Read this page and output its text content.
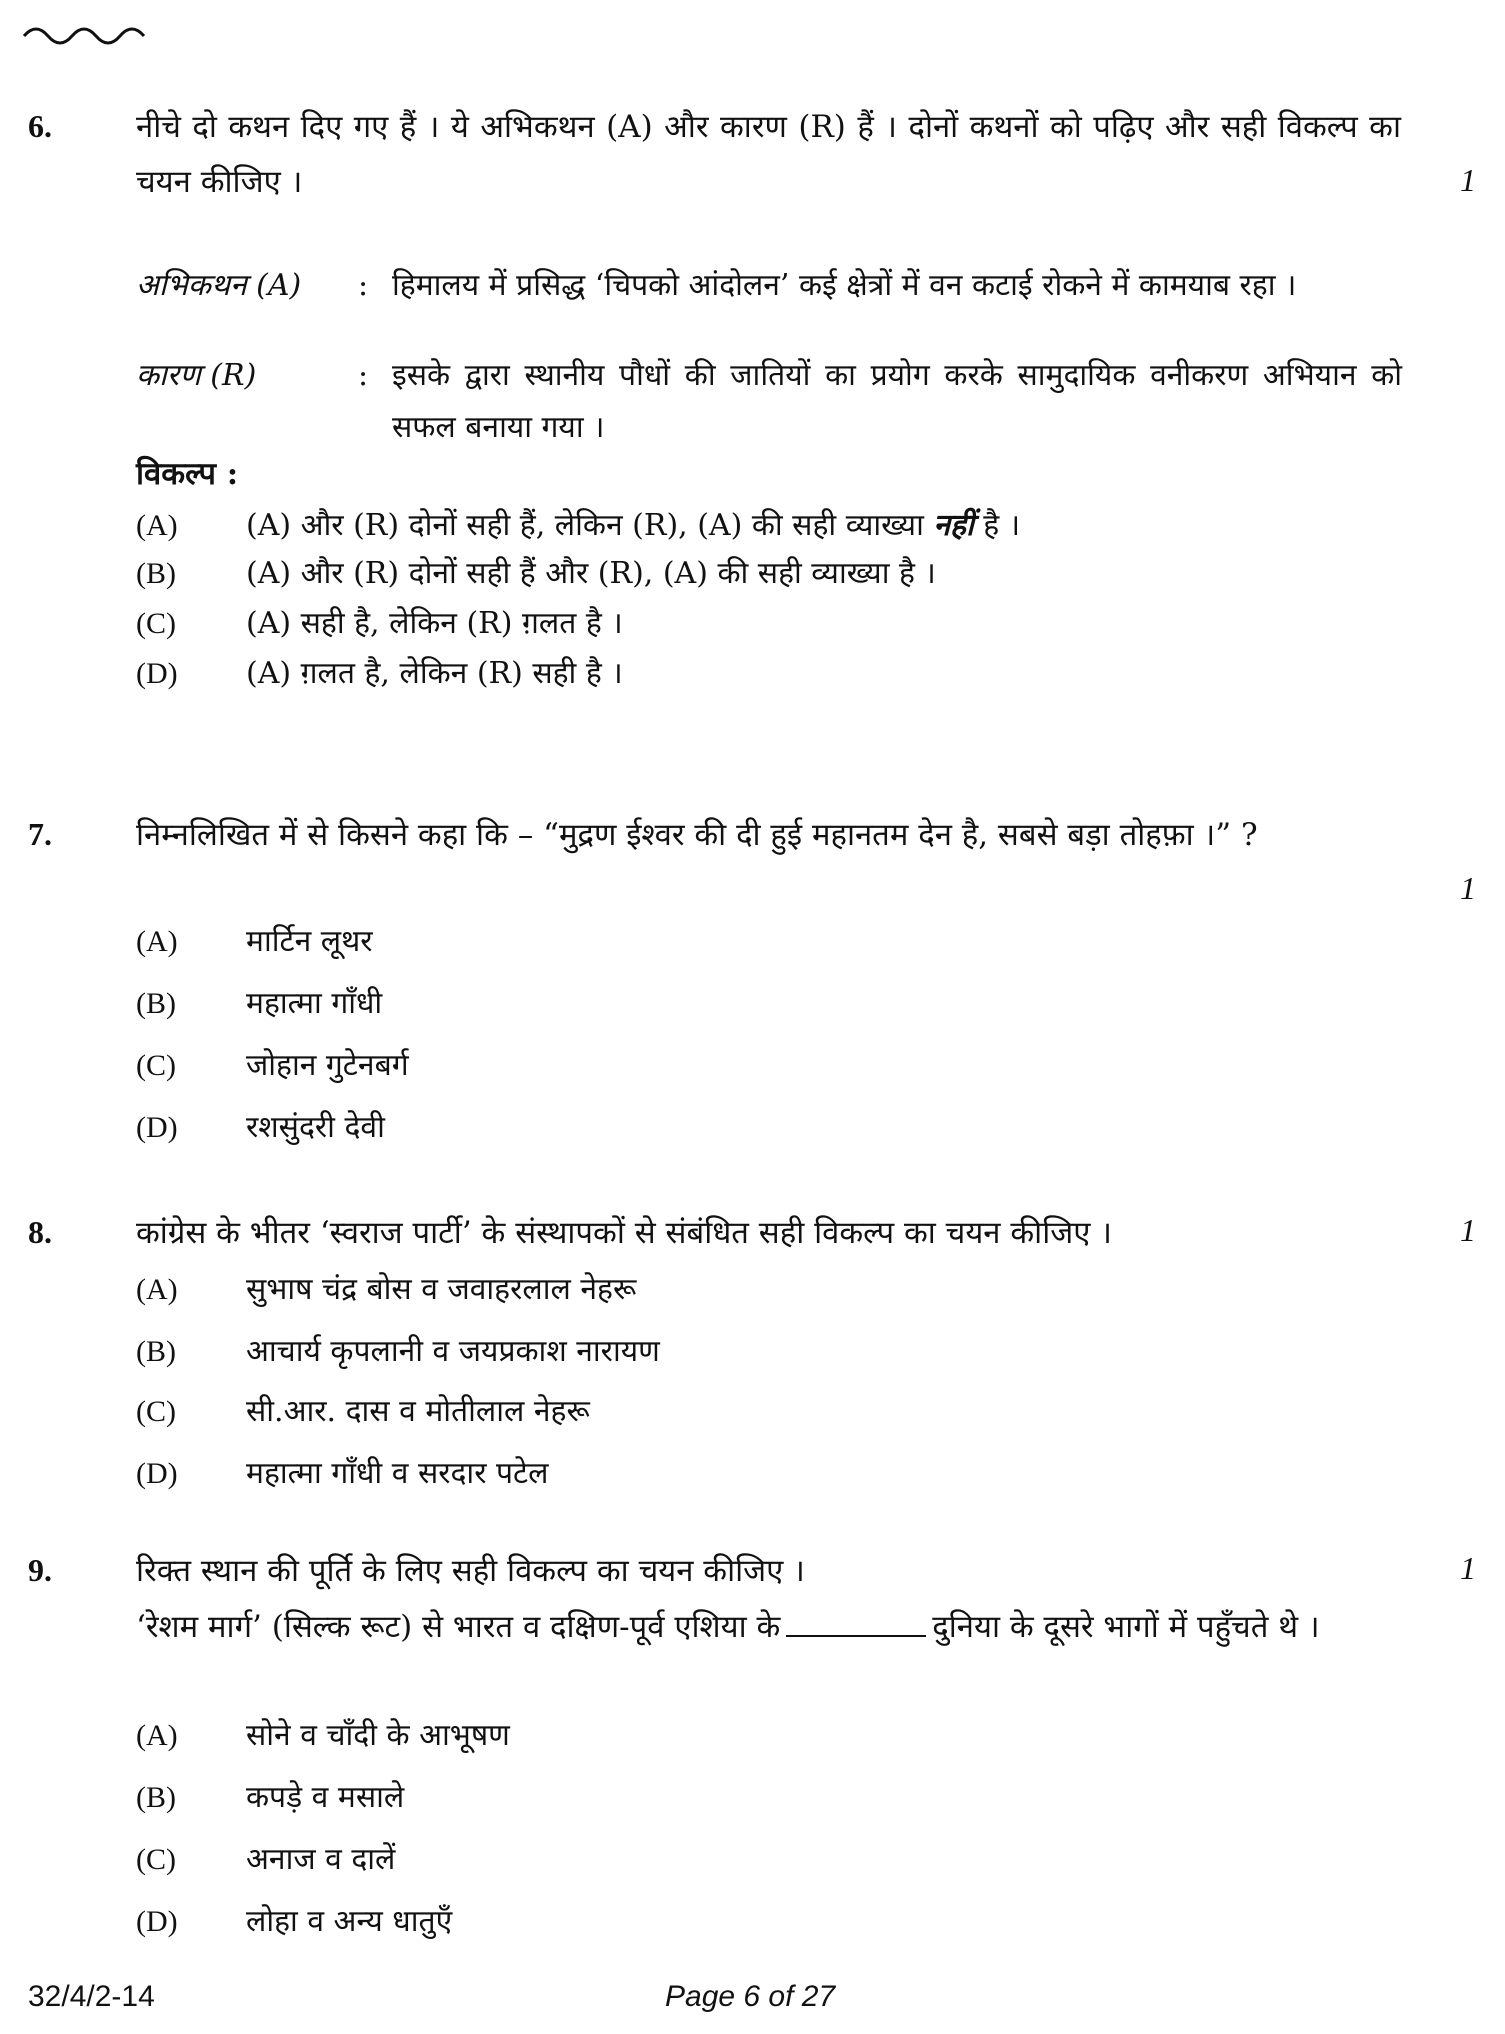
6.	नीचे दो कथन दिए गए हैं । ये अभिकथन (A) और कारण (R) हैं । दोनों कथनों को पढ़िए और सही विकल्प का चयन कीजिए ।	1
अभिकथन (A)	: हिमालय में प्रसिद्ध ‘चिपको आंदोलन’ कई क्षेत्रों में वन कटाई रोकने में कामयाब रहा ।
कारण (R)	: इसके द्वारा स्थानीय पौधों की जातियों का प्रयोग करके सामुदायिक वनीकरण अभियान को सफल बनाया गया ।
विकल्प :
(A) (A) और (R) दोनों सही हैं, लेकिन (R), (A) की सही व्याख्या नहीं है ।
(B) (A) और (R) दोनों सही हैं और (R), (A) की सही व्याख्या है ।
(C) (A) सही है, लेकिन (R) ग़लत है ।
(D) (A) ग़लत है, लेकिन (R) सही है ।
7.	निम्नलिखित में से किसने कहा कि – “मुद्रण ईश्वर की दी हुई महानतम देन है, सबसे बड़ा तोहफ़ा ।” ?
1
(A) मार्टिन लूथर
(B) महात्मा गाँधी
(C) जोहान गुटेनबर्ग
(D) रशसुंदरी देवी
8.	कांग्रेस के भीतर ‘स्वराज पार्टी’ के संस्थापकों से संबंधित सही विकल्प का चयन कीजिए ।	1
(A) सुभाष चंद्र बोस व जवाहरलाल नेहरू
(B) आचार्य कृपलानी व जयप्रकाश नारायण
(C) सी.आर. दास व मोतीलाल नेहरू
(D) महात्मा गाँधी व सरदार पटेल
9.	रिक्त स्थान की पूर्ति के लिए सही विकल्प का चयन कीजिए ।	1
‘रेशम मार्ग’ (सिल्क रूट) से भारत व दक्षिण-पूर्व एशिया के	दुनिया के दूसरे भागों में पहुँचते थे ।
(A) सोने व चाँदी के आभूषण
(B) कपड़े व मसाले
(C) अनाज व दालें
(D) लोहा व अन्य धातुएँ
32/4/2-14	Page 6 of 27
